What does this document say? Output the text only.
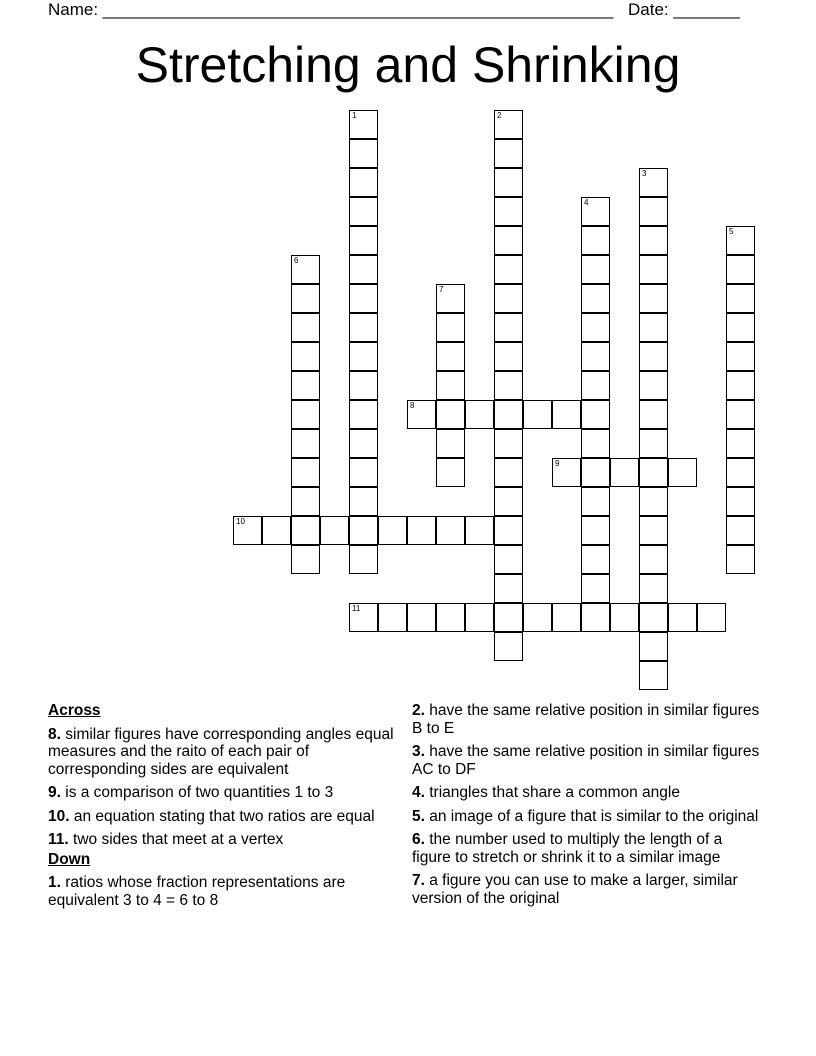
Name: ______________________________________________________ Date: _______
Stretching and Shrinking
1	2
3
4
5
6
7
8
9
10
11
Across
8. similar figures have corresponding angles equal measures and the raito of each pair of corresponding sides are equivalent
9. is a comparison of two quantities 1 to 3
10. an equation stating that two ratios are equal
11. two sides that meet at a vertex
Down
1. ratios whose fraction representations are equivalent 3 to 4 = 6 to 8
2. have the same relative position in similar figures B to E
3. have the same relative position in similar figures AC to DF
4. triangles that share a common angle
5. an image of a figure that is similar to the original
6. the number used to multiply the length of a figure to stretch or shrink it to a similar image
7. a figure you can use to make a larger, similar version of the original
